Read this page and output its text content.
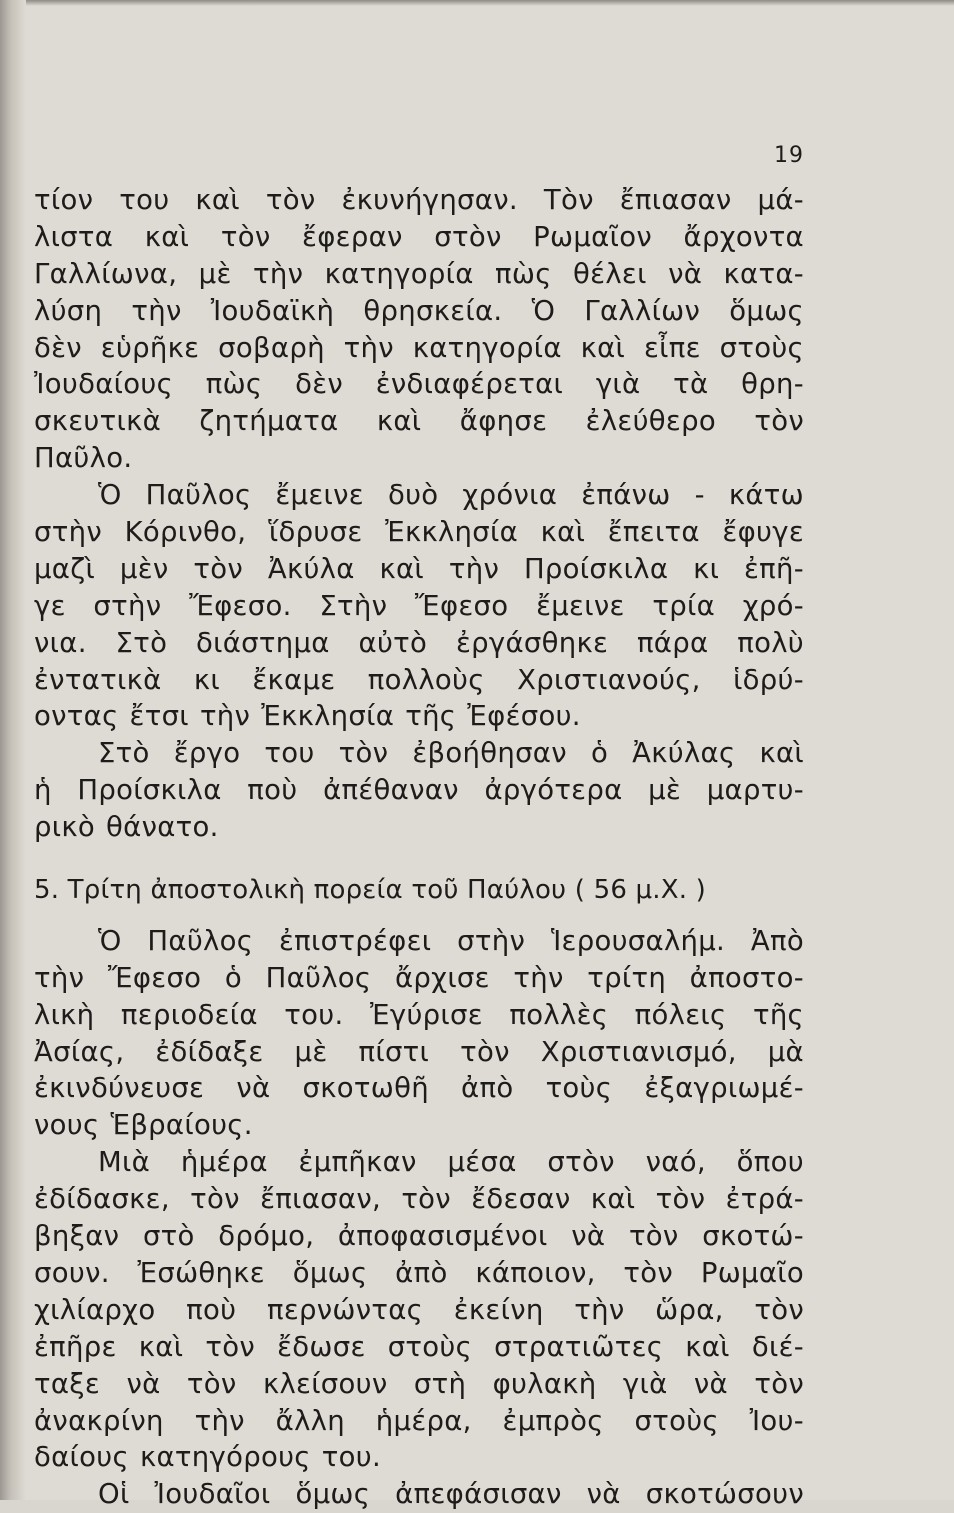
19
τίον του καὶ τὸν ἐκυνήγησαν. Τὸν ἔπιασαν μά-
λιστα καὶ τὸν ἔφεραν στὸν Ρωμαῖον ἄρχοντα
Γαλλίωνα, μὲ τὴν κατηγορία πὼς θέλει νὰ κατα-
λύση τὴν Ἰουδαϊκὴ θρησκεία. Ὁ Γαλλίων ὅμως
δὲν εὑρῆκε σοβαρὴ τὴν κατηγορία καὶ εἶπε στοὺς
Ἰουδαίους πὼς δὲν ἐνδιαφέρεται γιὰ τὰ θρη-
σκευτικὰ ζητήματα καὶ ἄφησε ἐλεύθερο τὸν
Παῦλο.
Ὁ Παῦλος ἔμεινε δυὸ χρόνια ἐπάνω - κάτω
στὴν Κόρινθο, ἵδρυσε Ἐκκλησία καὶ ἔπειτα ἔφυγε
μαζὶ μὲν τὸν Ἀκύλα καὶ τὴν Προίσκιλα κι ἐπῆ-
γε στὴν Ἔφεσο. Στὴν Ἔφεσο ἔμεινε τρία χρό-
νια. Στὸ διάστημα αὐτὸ ἐργάσθηκε πάρα πολὺ
ἐντατικὰ κι ἔκαμε πολλοὺς Χριστιανούς, ἱδρύ-
οντας ἔτσι τὴν Ἐκκλησία τῆς Ἐφέσου.
Στὸ ἔργο του τὸν ἐβοήθησαν ὁ Ἀκύλας καὶ
ἡ Προίσκιλα ποὺ ἀπέθαναν ἀργότερα μὲ μαρτυ-
ρικὸ θάνατο.
5. Τρίτη ἀποστολικὴ πορεία τοῦ Παύλου ( 56 μ.Χ. )
Ὁ Παῦλος ἐπιστρέφει στὴν Ἱερουσαλήμ. Ἀπὸ
τὴν Ἔφεσο ὁ Παῦλος ἄρχισε τὴν τρίτη ἀποστο-
λικὴ περιοδεία του. Ἐγύρισε πολλὲς πόλεις τῆς
Ἀσίας, ἐδίδαξε μὲ πίστι τὸν Χριστιανισμό, μὰ
ἐκινδύνευσε νὰ σκοτωθῆ ἀπὸ τοὺς ἐξαγριωμέ-
νους Ἑβραίους.
Μιὰ ἡμέρα ἐμπῆκαν μέσα στὸν ναό, ὅπου
ἐδίδασκε, τὸν ἔπιασαν, τὸν ἔδεσαν καὶ τὸν ἐτρά-
βηξαν στὸ δρόμο, ἀποφασισμένοι νὰ τὸν σκοτώ-
σουν. Ἐσώθηκε ὅμως ἀπὸ κάποιον, τὸν Ρωμαῖο
χιλίαρχο ποὺ περνώντας ἐκείνη τὴν ὥρα, τὸν
ἐπῆρε καὶ τὸν ἔδωσε στοὺς στρατιῶτες καὶ διέ-
ταξε νὰ τὸν κλείσουν στὴ φυλακὴ γιὰ νὰ τὸν
ἀνακρίνη τὴν ἄλλη ἡμέρα, ἐμπρὸς στοὺς Ἰου-
δαίους κατηγόρους του.
Οἱ Ἰουδαῖοι ὅμως ἀπεφάσισαν νὰ σκοτώσουν
